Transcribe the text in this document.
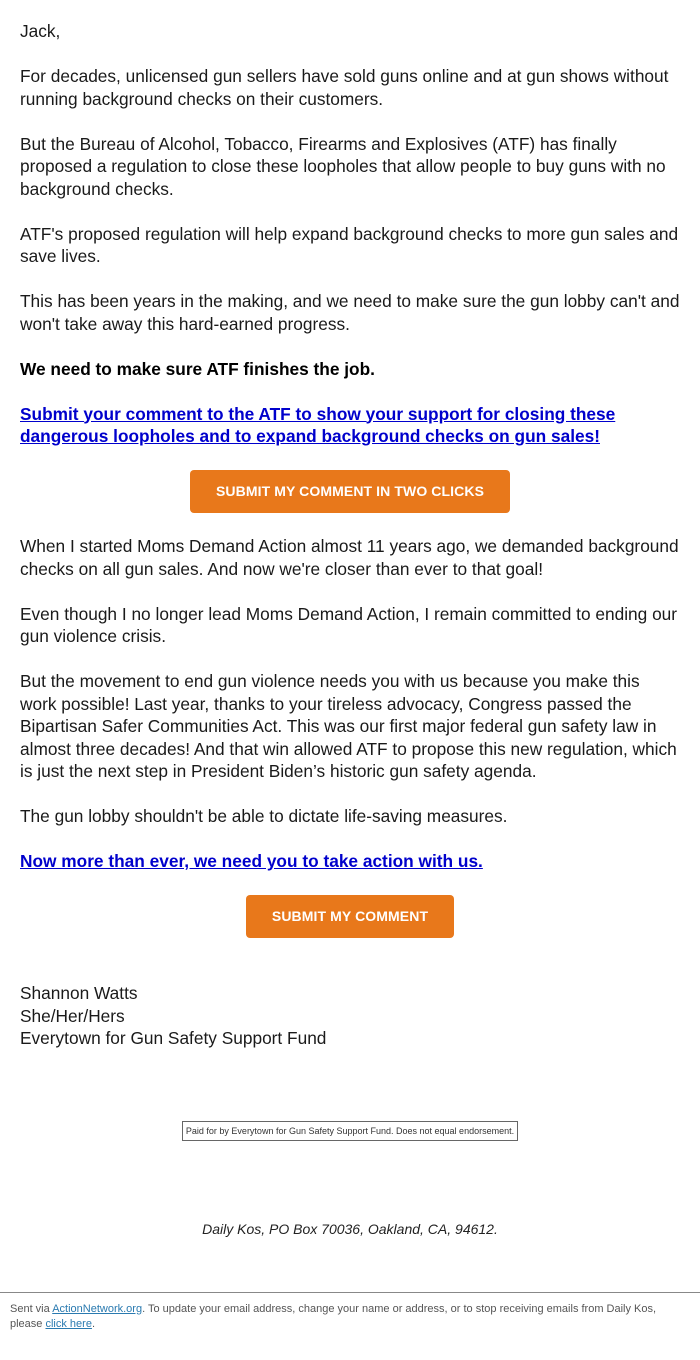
Jack,

For decades, unlicensed gun sellers have sold guns online and at gun shows without running background checks on their customers.

But the Bureau of Alcohol, Tobacco, Firearms and Explosives (ATF) has finally proposed a regulation to close these loopholes that allow people to buy guns with no background checks.

ATF's proposed regulation will help expand background checks to more gun sales and save lives.

This has been years in the making, and we need to make sure the gun lobby can't and won't take away this hard-earned progress.

We need to make sure ATF finishes the job.

Submit your comment to the ATF to show your support for closing these dangerous loopholes and to expand background checks on gun sales!

SUBMIT MY COMMENT IN TWO CLICKS

When I started Moms Demand Action almost 11 years ago, we demanded background checks on all gun sales. And now we're closer than ever to that goal!

Even though I no longer lead Moms Demand Action, I remain committed to ending our gun violence crisis.

But the movement to end gun violence needs you with us because you make this work possible! Last year, thanks to your tireless advocacy, Congress passed the Bipartisan Safer Communities Act. This was our first major federal gun safety law in almost three decades! And that win allowed ATF to propose this new regulation, which is just the next step in President Biden’s historic gun safety agenda.

The gun lobby shouldn't be able to dictate life-saving measures.

Now more than ever, we need you to take action with us.

SUBMIT MY COMMENT

Shannon Watts

She/Her/Hers

Everytown for Gun Safety Support Fund

Paid for by Everytown for Gun Safety Support Fund. Does not equal endorsement.
Daily Kos, PO Box 70036, Oakland, CA, 94612.
Sent via ActionNetwork.org. To update your email address, change your name or address, or to stop receiving emails from Daily Kos, please click here.
